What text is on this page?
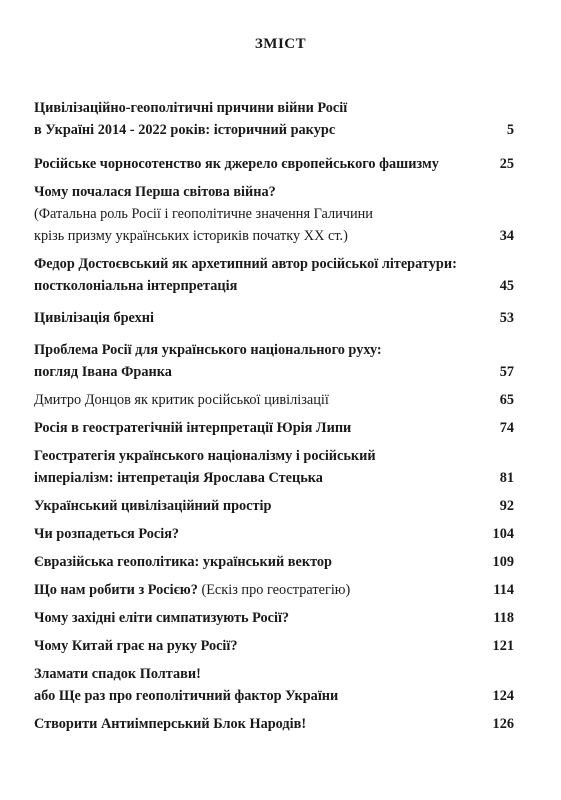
ЗМІСТ
Цивілізаційно-геополітичні причини війни Росії
в Україні 2014 - 2022 років: історичний ракурс	5
Російське чорносотенство як джерело європейського фашизму	25
Чому почалася Перша світова війна?
(Фатальна роль Росії і геополітичне значення Галичини
крізь призму українських істориків початку XX ст.)	34
Федор Достоєвський як архетипний автор російської літератури:
постколоніальна інтерпретація	45
Цивілізація брехні	53
Проблема Росії для українського національного руху:
погляд Івана Франка	57
Дмитро Донцов як критик російської цивілізації	65
Росія в геостратегічній інтерпретації Юрія Липи	74
Геостратегія українського націоналізму і російський
імперіалізм: інтепретація Ярослава Стецька	81
Український цивілізаційний простір	92
Чи розпадеться Росія?	104
Євразійська геополітика: український вектор	109
Що нам робити з Росією? (Ескіз про геостратегію)	114
Чому західні еліти симпатизують Росії?	118
Чому Китай грає на руку Росії?	121
Зламати спадок Полтави!
або Ще раз про геополітичний фактор України	124
Створити Антиімперський Блок Народів!	126
